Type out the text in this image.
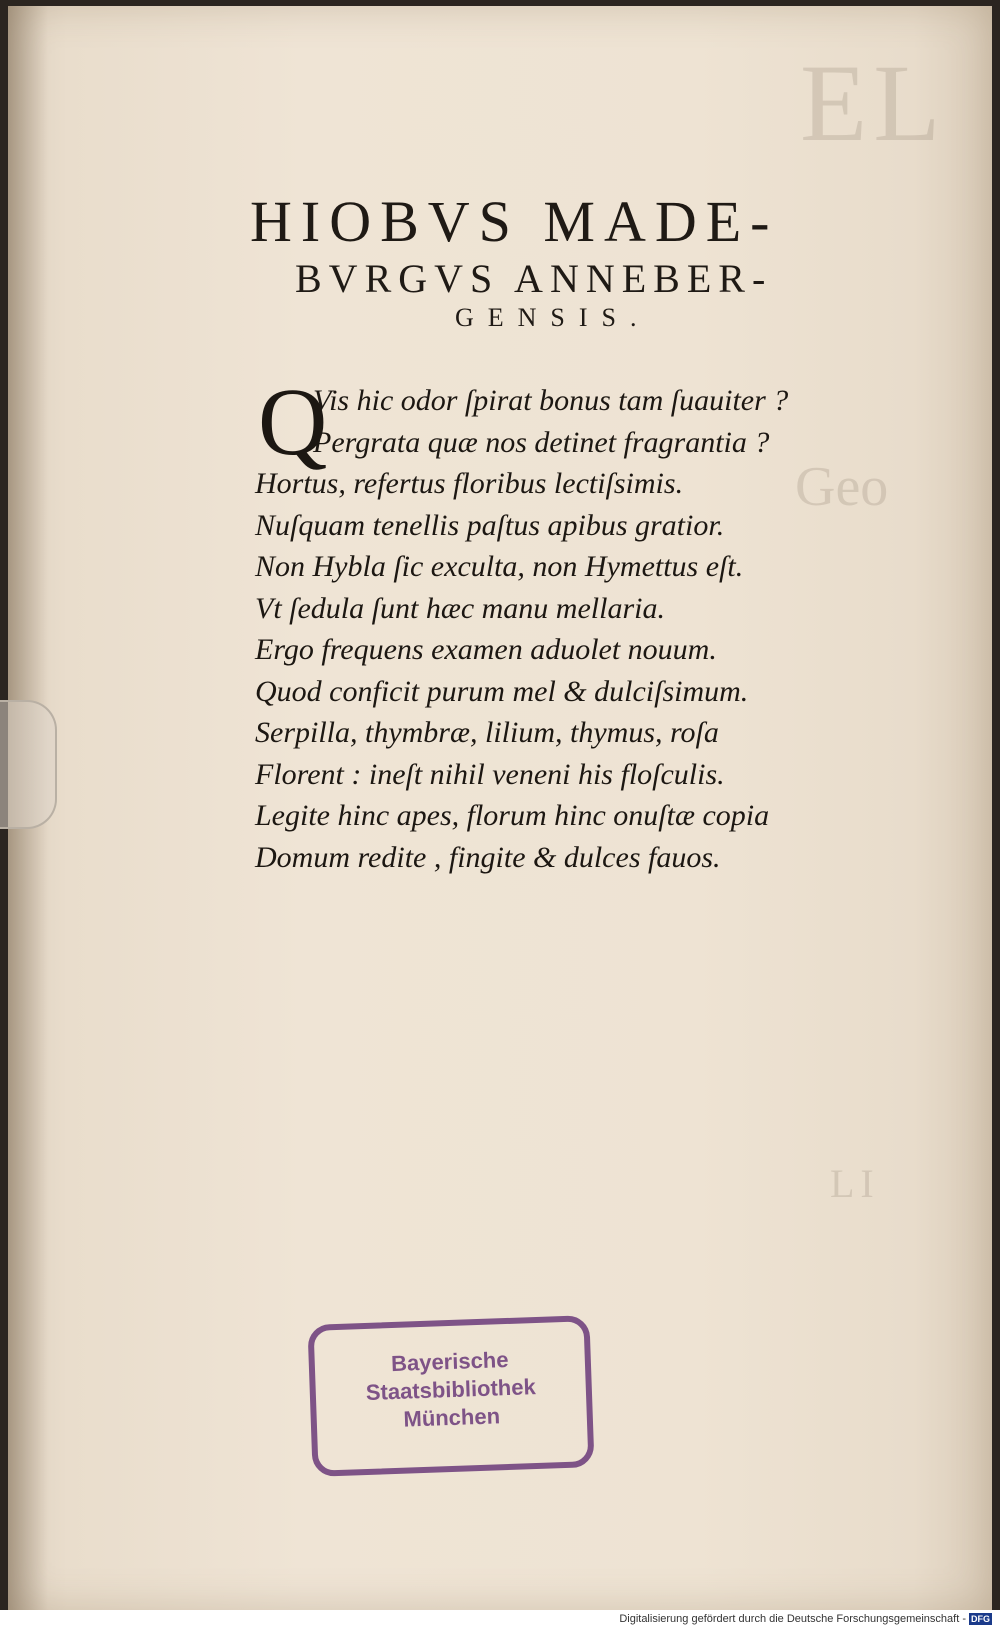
EL
Geo
LI
HIOBVS MADE-
BVRGVS ANNEBER-
GENSIS.
Q
Vis hic odor ſpirat bonus tam ſuauiter ?
Pergrata quæ nos detinet fragrantia ?
Hortus, refertus floribus lectiſsimis.
Nuſquam tenellis paſtus apibus gratior.
Non Hybla ſic exculta, non Hymettus eſt.
Vt ſedula ſunt hæc manu mellaria.
Ergo frequens examen aduolet nouum.
Quod conficit purum mel & dulciſsimum.
Serpilla, thymbræ, lilium, thymus, roſa
Florent : ineſt nihil veneni his floſculis.
Legite hinc apes, florum hinc onuſtæ copia
Domum redite , fingite & dulces fauos.
Bayerische
Staatsbibliothek
München
Digitalisierung gefördert durch die Deutsche Forschungsgemeinschaft - DFG
